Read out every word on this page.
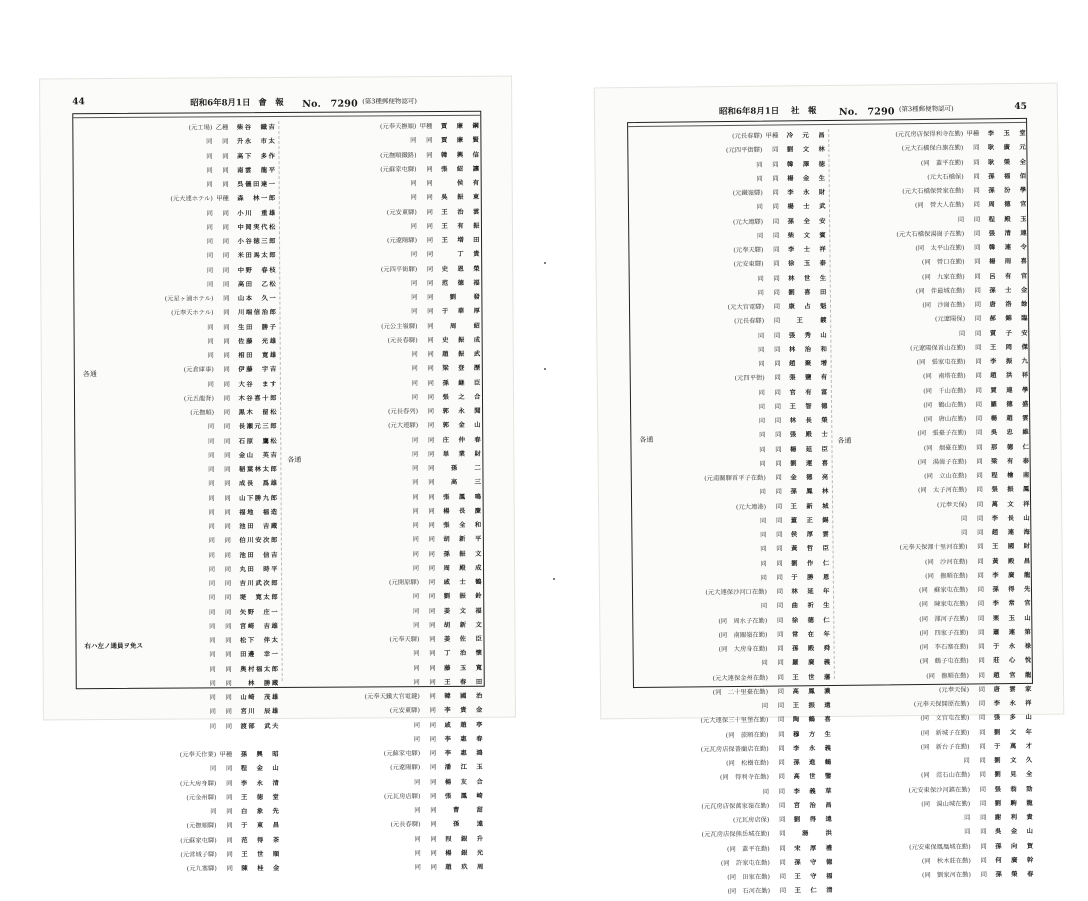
44	昭和6年8月1日 會　報 No.　7290 (第3種郵便物認可)
(元工場) 乙種 柴谷　鐡吉
同 同 升永　市太
同 同 高下　多作
同 同 南雲　龍平
同 同 呉儀田達一
(元大連ホテル) 甲種 森　林一郎
同 同 小川　重雄
同 同 中岡実代松
同 同 小谷徳三郎
同 同 米田馬太郎
同 同 中野　春枝
同 同 高田　乙松
(元星ヶ浦ホテル) 同 山本　久一
(元奉天ホテル) 同 川端信治郎
同 同 生田　勝子
同 同 佐藤　光雄
同 同 相田　寛雄
(元倉庫事) 同 伊藤　宇吉
同 同 大谷　ます
(元五龍背) 同 木谷喜十郎
(元撫順) 同 黒木　留松
同 同 長瀬元三郎
同 同 石原　鷹松
同 同 金山　英吉
同 同 稲葉林太郎
同 同 成長　爲雄
同 同 山下勝九郎
同 同 福地　福造
同 同 池田　吉蔵
同 同 伯川安次郎
同 同 池田　信吉
同 同 丸田　時平
同 同 吉川武次郎
同 同 堤　寛太郎
同 同 矢野　庄一
同 同 宮崎　吉雄
同 同 松下　伴太
同 同 田邊　幸一
同 同 奥村福太郎
同 同	林　勝蔵
同 同 山崎　茂雄
同 同 宮川　辰雄
同 同 渡部　武夫
(元奉天作業) 甲種 孫　興　昭
同 同 程　金　山
(元大房身驛) 同 李　永　清
(元金州驛) 同 王　徳　堂
同 同 白　象　先
(元撫順驛) 同 于　東　昌
(元蘇家屯驛) 同 范　得　茶
(元営城子驛) 同 王　世　順
(元九寨驛) 同 陳　桂　金
(元奉天撫順) 甲種 賈　廉　鋼
同 同 賈　廉　賢
(元撫順鐵路) 同 韓　興　信
(元蘇家屯驛) 同 張　紹　讓
同 同	侯　有
同 同 吳　振　東
(元安東驛) 同 王　治　雲
同 同 王　有　振
(元遼陽驛) 同 王　増　田
同 同	丁　貴
(元四平街驛) 同 史　恩　榮
同 同 范　德　福
同 同	劉　　發
同 同 于　華　厚
(元公主嶺驛) 同	周　　紹
(元長春驛) 同 史　振　成
同 同 趙　振　武
同 同 梁　登　歷
同 同 孫　継　臣
同 同 張　之　合
(元長春列) 同 郭　永　聞
(元大連驛) 同 郭　金　山
同 同 庄　仲　春
同 同 単　業　財
同 同	孫　　二
同 同	高　　三
同 同 張　鳳　鳴
同 同 楊　長　慶
同 同 張　全　和
同 同 胡　新　平
同 同 孫　振　文
同 同 周　殿　成
(元開原驛) 同 戚　士　鶴
同 同 劉　振　鈴
同 同 姜　文　福
同 同 胡　新　文
(元奉天驛) 同 姜　佐　臣
同 同 丁　治　懷
同 同 藤　玉　寬
同 同 王　春　田
(元奉天鐵大官電鍵) 同 韓　國　治
(元安東驛) 同 李　貴　金
同 同 戚　趙　亭
同 同 李　惠　春
(元蘇家屯驛) 同 李　惠　鴻
(元遼陽驛) 同 潘　江　玉
同 同 楊　友　合
(元瓦房店驛) 同 張　鳳　崎
同 同	曹　　甜
(元長春驛) 同	孫　　遠
同 同 叚　銀　升
同 同 楊　銀　光
同 同 趙　玖　周
各通
各通
右ハ左ノ通員ヲ免ス
昭和6年8月1日 社　報 No.　7290 (第3種郵便物認可)	45
(元長春驛) 甲種 冷　元　昌
(元四平街驛) 同 劉　文　林
同 同 韓　澤　徳
同 同 楊　金　生
(元鐵嶺驛) 同 李　永　財
同 同 楊　士　武
(元大連驛) 同 孫　全　安
同 同 柴　文　賓
(元奉天驛) 同 李　士　祥
(元安東驛) 同 徐　玉　泰
同 同 林　世　生
同 同 劉　喜　田
(元大官電驛) 同 康　占　魁
(元長春驛) 同	王　　鍍
同 同 張　秀　山
同 同 林　治　和
同 同 趙　聚　增
(元四平街) 同 張　鹽　有
同 同 官　有　富
同 同 王　智　德
同 同 林　長　榮
同 同 張　殿　士
同 同 楊　延　臣
同 同 劉　運　喜
(元南關驛首平子在勤) 同 金　德　亮
同 同 孫　鳳　林
(元大連港) 同 王　新　城
同 同 董　正　錫
同 同 侯　厚　雲
同 同 黃　哲　臣
同 同 劉　作　仁
同 同 于　勝　恩
(元大連保沙河口在勤) 同 林　延　年
同 同 曲　祈　生
(同　周水子在勤) 同 徐　德　仁
(同　南關嶺在勤) 同 常　在　年
(同　大房身在勤) 同 孫　殿　舜
同 同 羅　廣　義
(元大連保金州在勤) 同 王　世　藩
(同　二十里臺在勤) 同 高　鳳　濃
同 同 王　振　遠
(元大連保三十里堡在勤) 同 陶　鶴　喜
(同　旅順在勤) 同 穆　方　生
(元瓦房店保普蘭店在勤) 同 李　永　義
(同　松樹在勤) 同 孫　進　鶴
(同　得利寺在勤) 同 高　世　鑒
同 同 李　義　草
(元瓦房店保萬家嶺在勤) 同 宮　治　昌
(元瓦房店保) 同 劉　得　遠
(元瓦房店保熊岳城在勤) 同	湯　　洪
(同　蓋平在勤) 同 宋　厚　禮
(同　許家屯在勤) 同 孫　守　德
(同　田家在勤) 同 王　守　福
(同　石河在勤) 同 王　仁　清
(元瓦房店保得利寺在勤) 甲種 李　玉　堂
(元大石橋保白旗在勤) 同 耿　廣　元
(同　蓋平在勤) 同 耿　榮　全
(元大石橋保) 同 孫　福　佰
(元大石橋保營家在勤) 同 孫　汾　學
(同　營大人在勤) 同 周　德　官
同 同 程　殿　玉
(元大石橋保湯崗子在勤) 同 張　清　連
(同　太平山在勤) 同 韓　連　令
(同　營口在勤) 同 楊　雨　喜
(同　九家在勤) 同 呂　有　官
(同　伴最城在勤) 同 孫　士　金
(同　沙崗在勤) 同 唐　洛　餘
(元遼陽保) 同 郝　錦　臨
同 同 質　子　安
(元遼陽保首山在勤) 同 王　岡　傑
(同　張家屯在勤) 同 李　振　九
(同　南塔在勤) 同 趙　洪　祥
(同　千山在勤) 同 賈　連　學
(同　鶴山在勤) 同 羅　德　盛
(同　唐山在勤) 同 楊　趙　雲
(同　張臺子在勤) 同 吳　忠　維
(同　烟臺在勤) 同 那　德　仁
(同　湯崗子在勤) 同 梁　有　泰
(同　立山在勤) 同 程　檜　南
(同　太子河在勤) 同 張　振　鳳
(元奉天保) 同 萬　文　祥
同 同 李　長　山
同 同 趙　連　海
(元奉天保渾十里河在勤) 同 王　國　財
(同　沙河在勤) 同 黃　殿　昌
(同　撫順在勤) 同 李　廣　龍
(同　蘇家屯在勤) 同 孫　得　先
(同　陳家屯在勤) 同 李　常　官
(同　渾河子在勤) 同 栗　玉　山
(同　四家子在勤) 同 蕭　連　第
(同　李石寨在勤) 同 于　永　祿
(同　鶴子屯在勤) 同 莊　心　悅
(同　撫順在勤) 同 趙　官　龍
(元奉天保) 同 唐　雲　家
(元奉天保開原在勤) 同 李　永　祥
(同　文官屯在勤) 同 張　多　山
(同　新城子在勤) 同 劉　文　年
(同　新台子在勤) 同 于　萬　才
同 同 劉　文　久
(同　范石山在勤) 同 劉　見　全
(元安東保沙河鎮在勤) 同 張　翁　勁
(同　湯山城在勤) 同 劉　駒　龍
同 同 謝　利　貴
同 同 吳　金　山
(元安東保鳳凰城在勤) 同 孫　向　賀
(同　秋木莊在勤) 同 何　廣　幹
(同　劉家河在勤) 同 孫　榮　春
各通	各通
